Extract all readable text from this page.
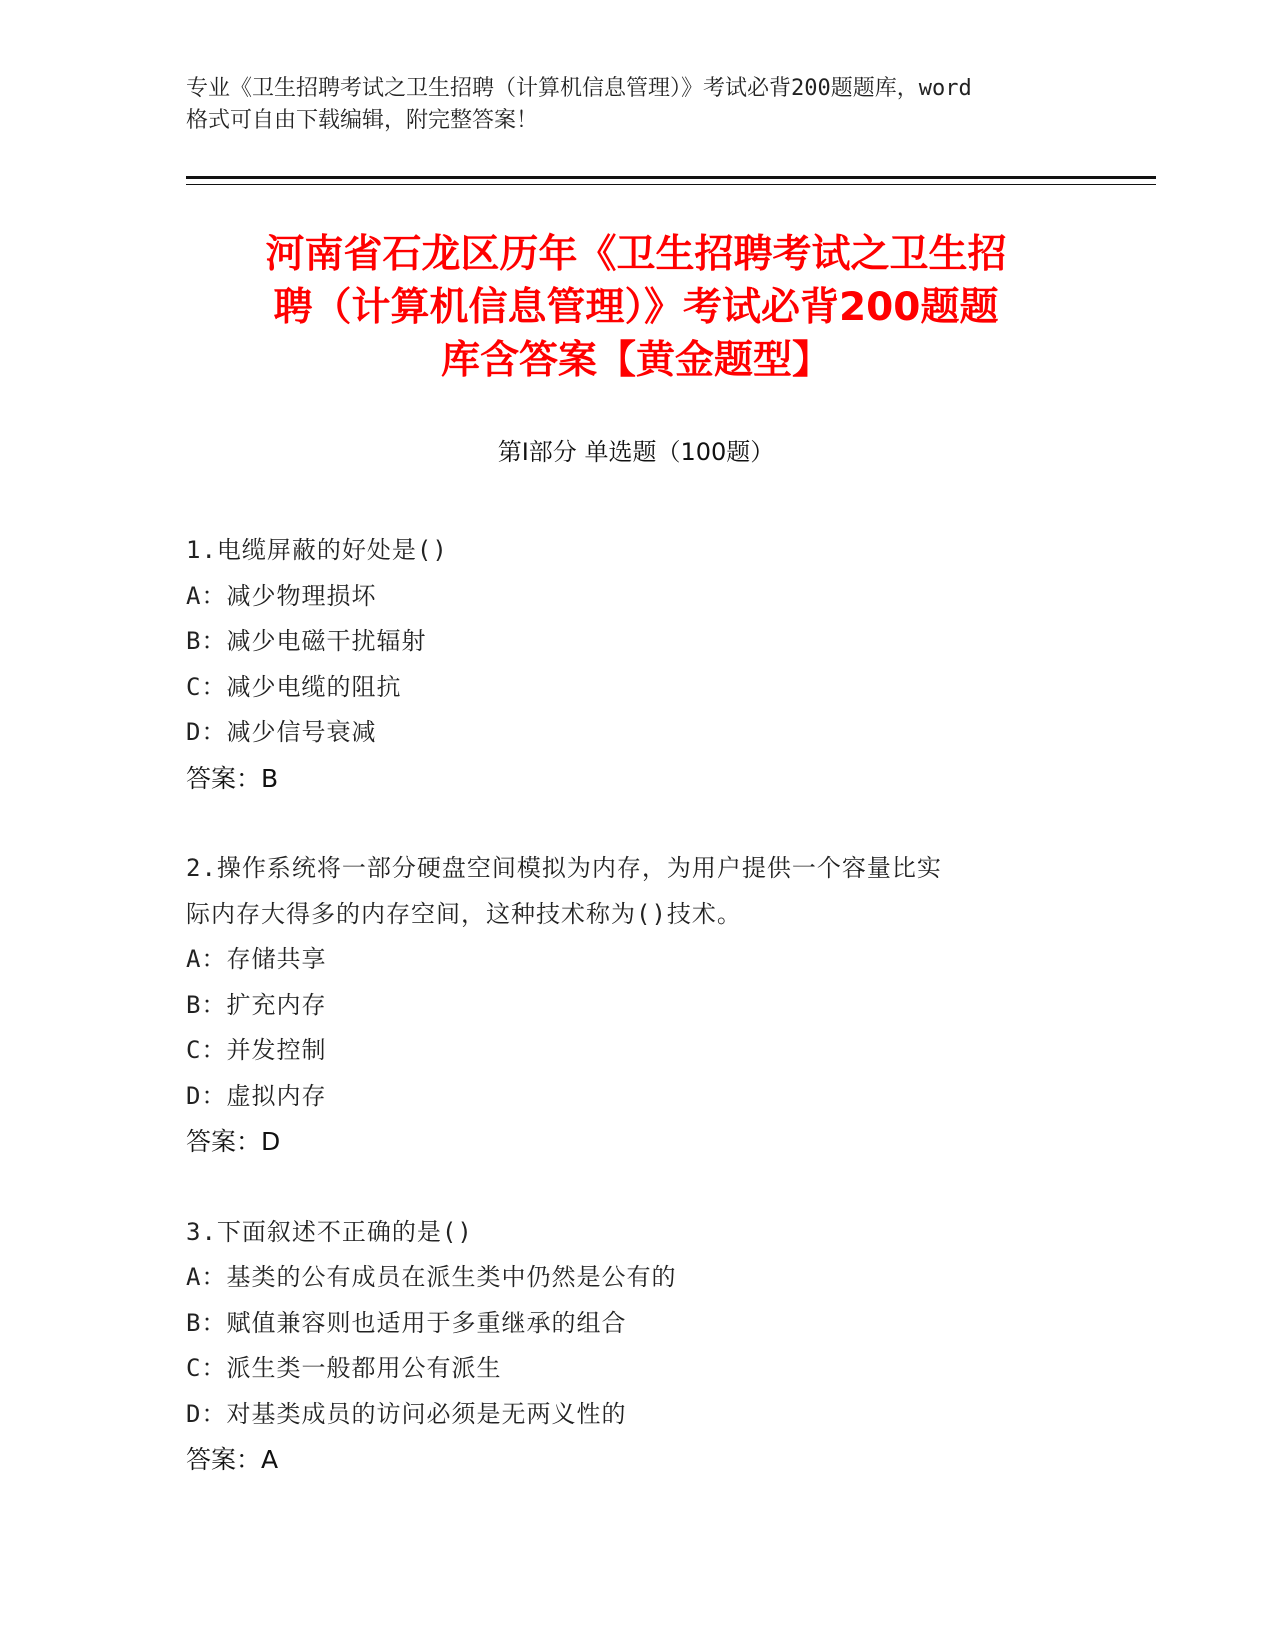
专业《卫生招聘考试之卫生招聘（计算机信息管理）》考试必背200题题库，word

格式可自由下载编辑，附完整答案！

河南省石龙区历年《卫生招聘考试之卫生招

聘（计算机信息管理）》考试必背200题题

库含答案【黄金题型】

第Ⅰ部分 单选题（100题）

1.电缆屏蔽的好处是()

A：减少物理损坏

B：减少电磁干扰辐射

C：减少电缆的阻抗

D：减少信号衰减

答案：B

2.操作系统将一部分硬盘空间模拟为内存，为用户提供一个容量比实

际内存大得多的内存空间，这种技术称为()技术。

A：存储共享

B：扩充内存

C：并发控制

D：虚拟内存

答案：D

3.下面叙述不正确的是()

A：基类的公有成员在派生类中仍然是公有的

B：赋值兼容则也适用于多重继承的组合

C：派生类一般都用公有派生

D：对基类成员的访问必须是无两义性的

答案：A
